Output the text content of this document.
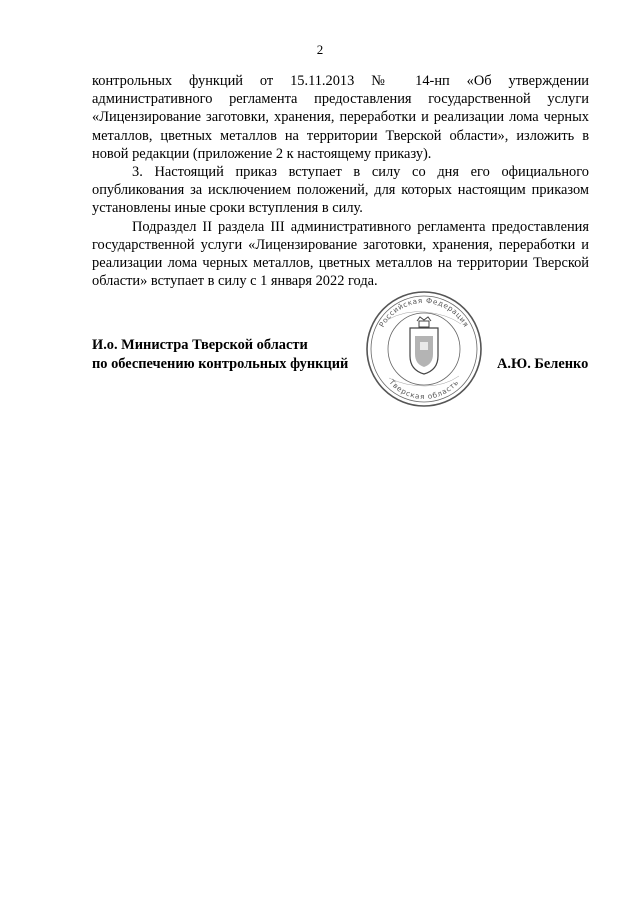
2

контрольных функций от 15.11.2013 № 14-нп «Об утверждении административного регламента предоставления государственной услуги «Лицензирование заготовки, хранения, переработки и реализации лома черных металлов, цветных металлов на территории Тверской области», изложить в новой редакции (приложение 2 к настоящему приказу).

3. Настоящий приказ вступает в силу со дня его официального опубликования за исключением положений, для которых настоящим приказом установлены иные сроки вступления в силу.

Подраздел II раздела III административного регламента предоставления государственной услуги «Лицензирование заготовки, хранения, переработки и реализации лома черных металлов, цветных металлов на территории Тверской области» вступает в силу с 1 января 2022 года.

И.о. Министра Тверской области
по обеспечению контрольных функций	А.Ю. Беленко
Российская Федерация
Тверская область
